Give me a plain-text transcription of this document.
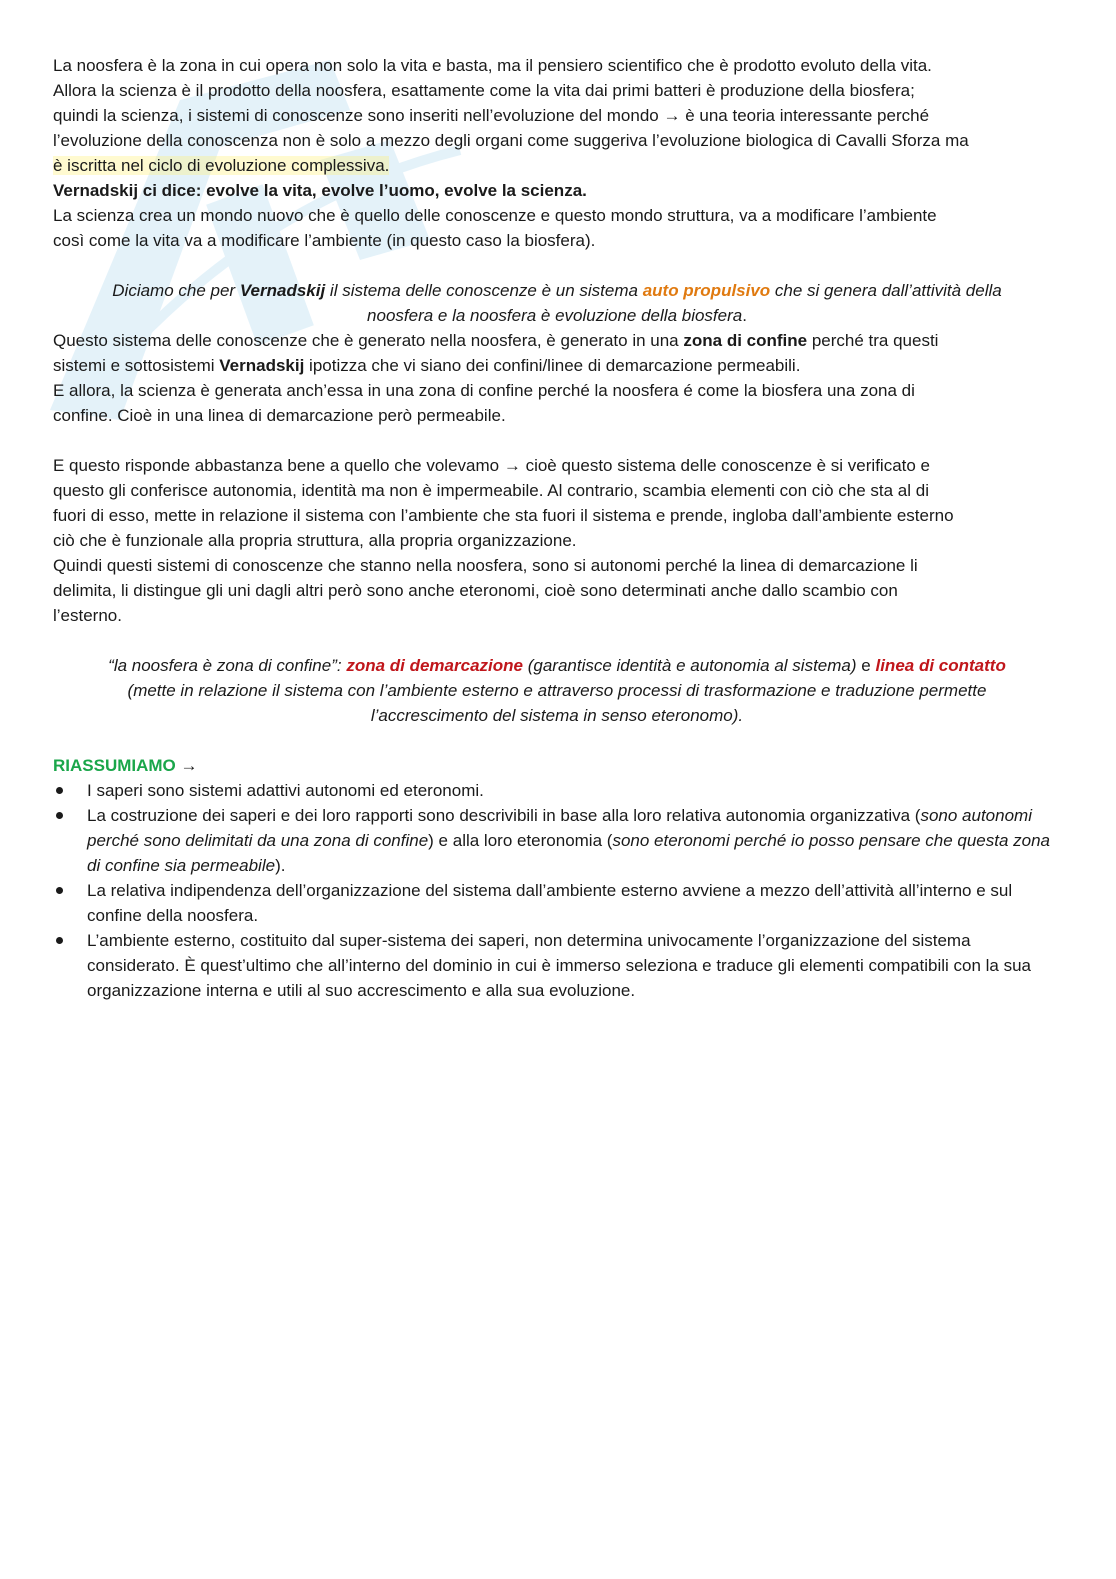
La noosfera è la zona in cui opera non solo la vita e basta, ma il pensiero scientifico che è prodotto evoluto della vita.

Allora la scienza è il prodotto della noosfera, esattamente come la vita dai primi batteri è produzione della biosfera;

quindi la scienza, i sistemi di conoscenze sono inseriti nell’evoluzione del mondo → è una teoria interessante perché

l’evoluzione della conoscenza non è solo a mezzo degli organi come suggeriva l’evoluzione biologica di Cavalli Sforza ma

è iscritta nel ciclo di evoluzione complessiva.

Vernadskij ci dice: evolve la vita, evolve l’uomo, evolve la scienza.

La scienza crea un mondo nuovo che è quello delle conoscenze e questo mondo struttura, va a modificare l’ambiente

così come la vita va a modificare l’ambiente (in questo caso la biosfera).

Diciamo che per Vernadskij il sistema delle conoscenze è un sistema auto propulsivo che si genera dall’attività della

noosfera e la noosfera è evoluzione della biosfera.

Questo sistema delle conoscenze che è generato nella noosfera, è generato in una zona di confine perché tra questi

sistemi e sottosistemi Vernadskij ipotizza che vi siano dei confini/linee di demarcazione permeabili.

E allora, la scienza è generata anch’essa in una zona di confine perché la noosfera é come la biosfera una zona di

confine. Cioè in una linea di demarcazione però permeabile.

E questo risponde abbastanza bene a quello che volevamo → cioè questo sistema delle conoscenze è si verificato e

questo gli conferisce autonomia, identità ma non è impermeabile. Al contrario, scambia elementi con ciò che sta al di

fuori di esso, mette in relazione il sistema con l’ambiente che sta fuori il sistema e prende, ingloba dall’ambiente esterno

ciò che è funzionale alla propria struttura, alla propria organizzazione.

Quindi questi sistemi di conoscenze che stanno nella noosfera, sono si autonomi perché la linea di demarcazione li

delimita, li distingue gli uni dagli altri però sono anche eteronomi, cioè sono determinati anche dallo scambio con

l’esterno.

“la noosfera è zona di confine”: zona di demarcazione (garantisce identità e autonomia al sistema) e linea di contatto

(mette in relazione il sistema con l’ambiente esterno e attraverso processi di trasformazione e traduzione permette

l’accrescimento del sistema in senso eteronomo).

RIASSUMIAMO →

I saperi sono sistemi adattivi autonomi ed eteronomi.
La costruzione dei saperi e dei loro rapporti sono descrivibili in base alla loro relativa autonomia organizzativa (sono autonomi perché sono delimitati da una zona di confine) e alla loro eteronomia (sono eteronomi perché io posso pensare che questa zona di confine sia permeabile).
La relativa indipendenza dell’organizzazione del sistema dall’ambiente esterno avviene a mezzo dell’attività all’interno e sul confine della noosfera.
L’ambiente esterno, costituito dal super-sistema dei saperi, non determina univocamente l’organizzazione del sistema considerato. È quest’ultimo che all’interno del dominio in cui è immerso seleziona e traduce gli elementi compatibili con la sua organizzazione interna e utili al suo accrescimento e alla sua evoluzione.
